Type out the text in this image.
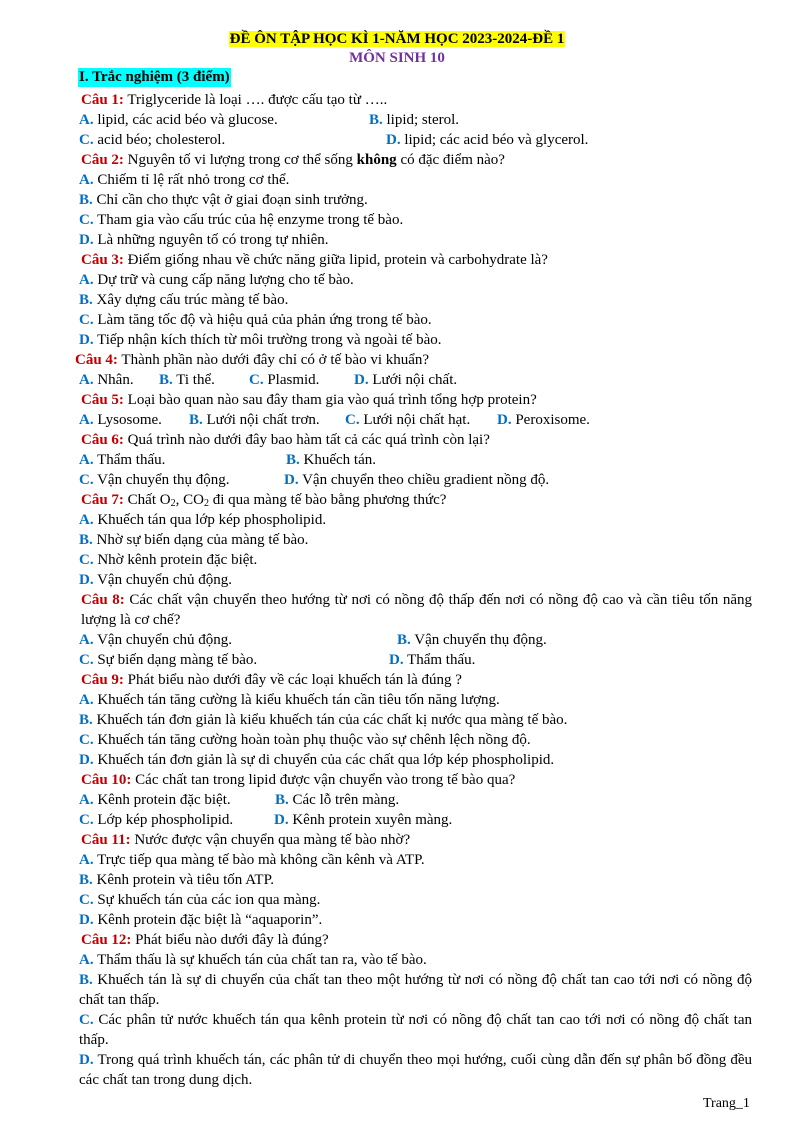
ĐỀ ÔN TẬP HỌC KÌ 1-NĂM HỌC 2023-2024-ĐỀ 1
MÔN SINH 10
I. Trắc nghiệm (3 điểm)
Câu 1: Triglyceride là loại …. được cấu tạo từ …..
A. lipid, các acid béo và glucose.	B. lipid; sterol.
C. acid béo; cholesterol.	D. lipid; các acid béo và glycerol.
Câu 2: Nguyên tố vi lượng trong cơ thể sống không có đặc điểm nào?
A. Chiếm tỉ lệ rất nhỏ trong cơ thể.
B. Chỉ cần cho thực vật ở giai đoạn sinh trưởng.
C. Tham gia vào cấu trúc của hệ enzyme trong tế bào.
D. Là những nguyên tố có trong tự nhiên.
Câu 3: Điểm giống nhau về chức năng giữa lipid, protein và carbohydrate là?
A. Dự trữ và cung cấp năng lượng cho tế bào.
B. Xây dựng cấu trúc màng tế bào.
C. Làm tăng tốc độ và hiệu quả của phản ứng trong tế bào.
D. Tiếp nhận kích thích từ môi trường trong và ngoài tế bào.
Câu 4: Thành phần nào dưới đây chỉ có ở tế bào vi khuẩn?
A. Nhân. B. Ti thể. C. Plasmid. D. Lưới nội chất.
Câu 5: Loại bào quan nào sau đây tham gia vào quá trình tổng hợp protein?
A. Lysosome. B. Lưới nội chất trơn. C. Lưới nội chất hạt. D. Peroxisome.
Câu 6: Quá trình nào dưới đây bao hàm tất cả các quá trình còn lại?
A. Thẩm thấu.	B. Khuếch tán.
C. Vận chuyển thụ động.	D. Vận chuyển theo chiều gradient nồng độ.
Câu 7: Chất $O_2$, $CO_2$ đi qua màng tế bào bằng phương thức?
A. Khuếch tán qua lớp kép phospholipid.
B. Nhờ sự biến dạng của màng tế bào.
C. Nhờ kênh protein đặc biệt.
D. Vận chuyển chủ động.
Câu 8: Các chất vận chuyển theo hướng từ nơi có nồng độ thấp đến nơi có nồng độ cao và cần tiêu tốn năng lượng là cơ chế?
A. Vận chuyển chủ động.	B. Vận chuyển thụ động.
C. Sự biến dạng màng tế bào.	D. Thẩm thấu.
Câu 9: Phát biểu nào dưới đây về các loại khuếch tán là đúng ?
A. Khuếch tán tăng cường là kiểu khuếch tán cần tiêu tốn năng lượng.
B. Khuếch tán đơn giản là kiểu khuếch tán của các chất kị nước qua màng tế bào.
C. Khuếch tán tăng cường hoàn toàn phụ thuộc vào sự chênh lệch nồng độ.
D. Khuếch tán đơn giản là sự di chuyển của các chất qua lớp kép phospholipid.
Câu 10: Các chất tan trong lipid được vận chuyển vào trong tế bào qua?
A. Kênh protein đặc biệt.	B. Các lỗ trên màng.
C. Lớp kép phospholipid.	D. Kênh protein xuyên màng.
Câu 11: Nước được vận chuyển qua màng tế bào nhờ?
A. Trực tiếp qua màng tế bào mà không cần kênh và ATP.
B. Kênh protein và tiêu tốn ATP.
C. Sự khuếch tán của các ion qua màng.
D. Kênh protein đặc biệt là “aquaporin”.
Câu 12: Phát biểu nào dưới đây là đúng?
A. Thẩm thấu là sự khuếch tán của chất tan ra, vào tế bào.
B. Khuếch tán là sự di chuyển của chất tan theo một hướng từ nơi có nồng độ chất tan cao tới nơi có nồng độ chất tan thấp.
C. Các phân tử nước khuếch tán qua kênh protein từ nơi có nồng độ chất tan cao tới nơi có nồng độ chất tan thấp.
D. Trong quá trình khuếch tán, các phân tử di chuyển theo mọi hướng, cuối cùng dẫn đến sự phân bố đồng đều các chất tan trong dung dịch.
Trang_1
